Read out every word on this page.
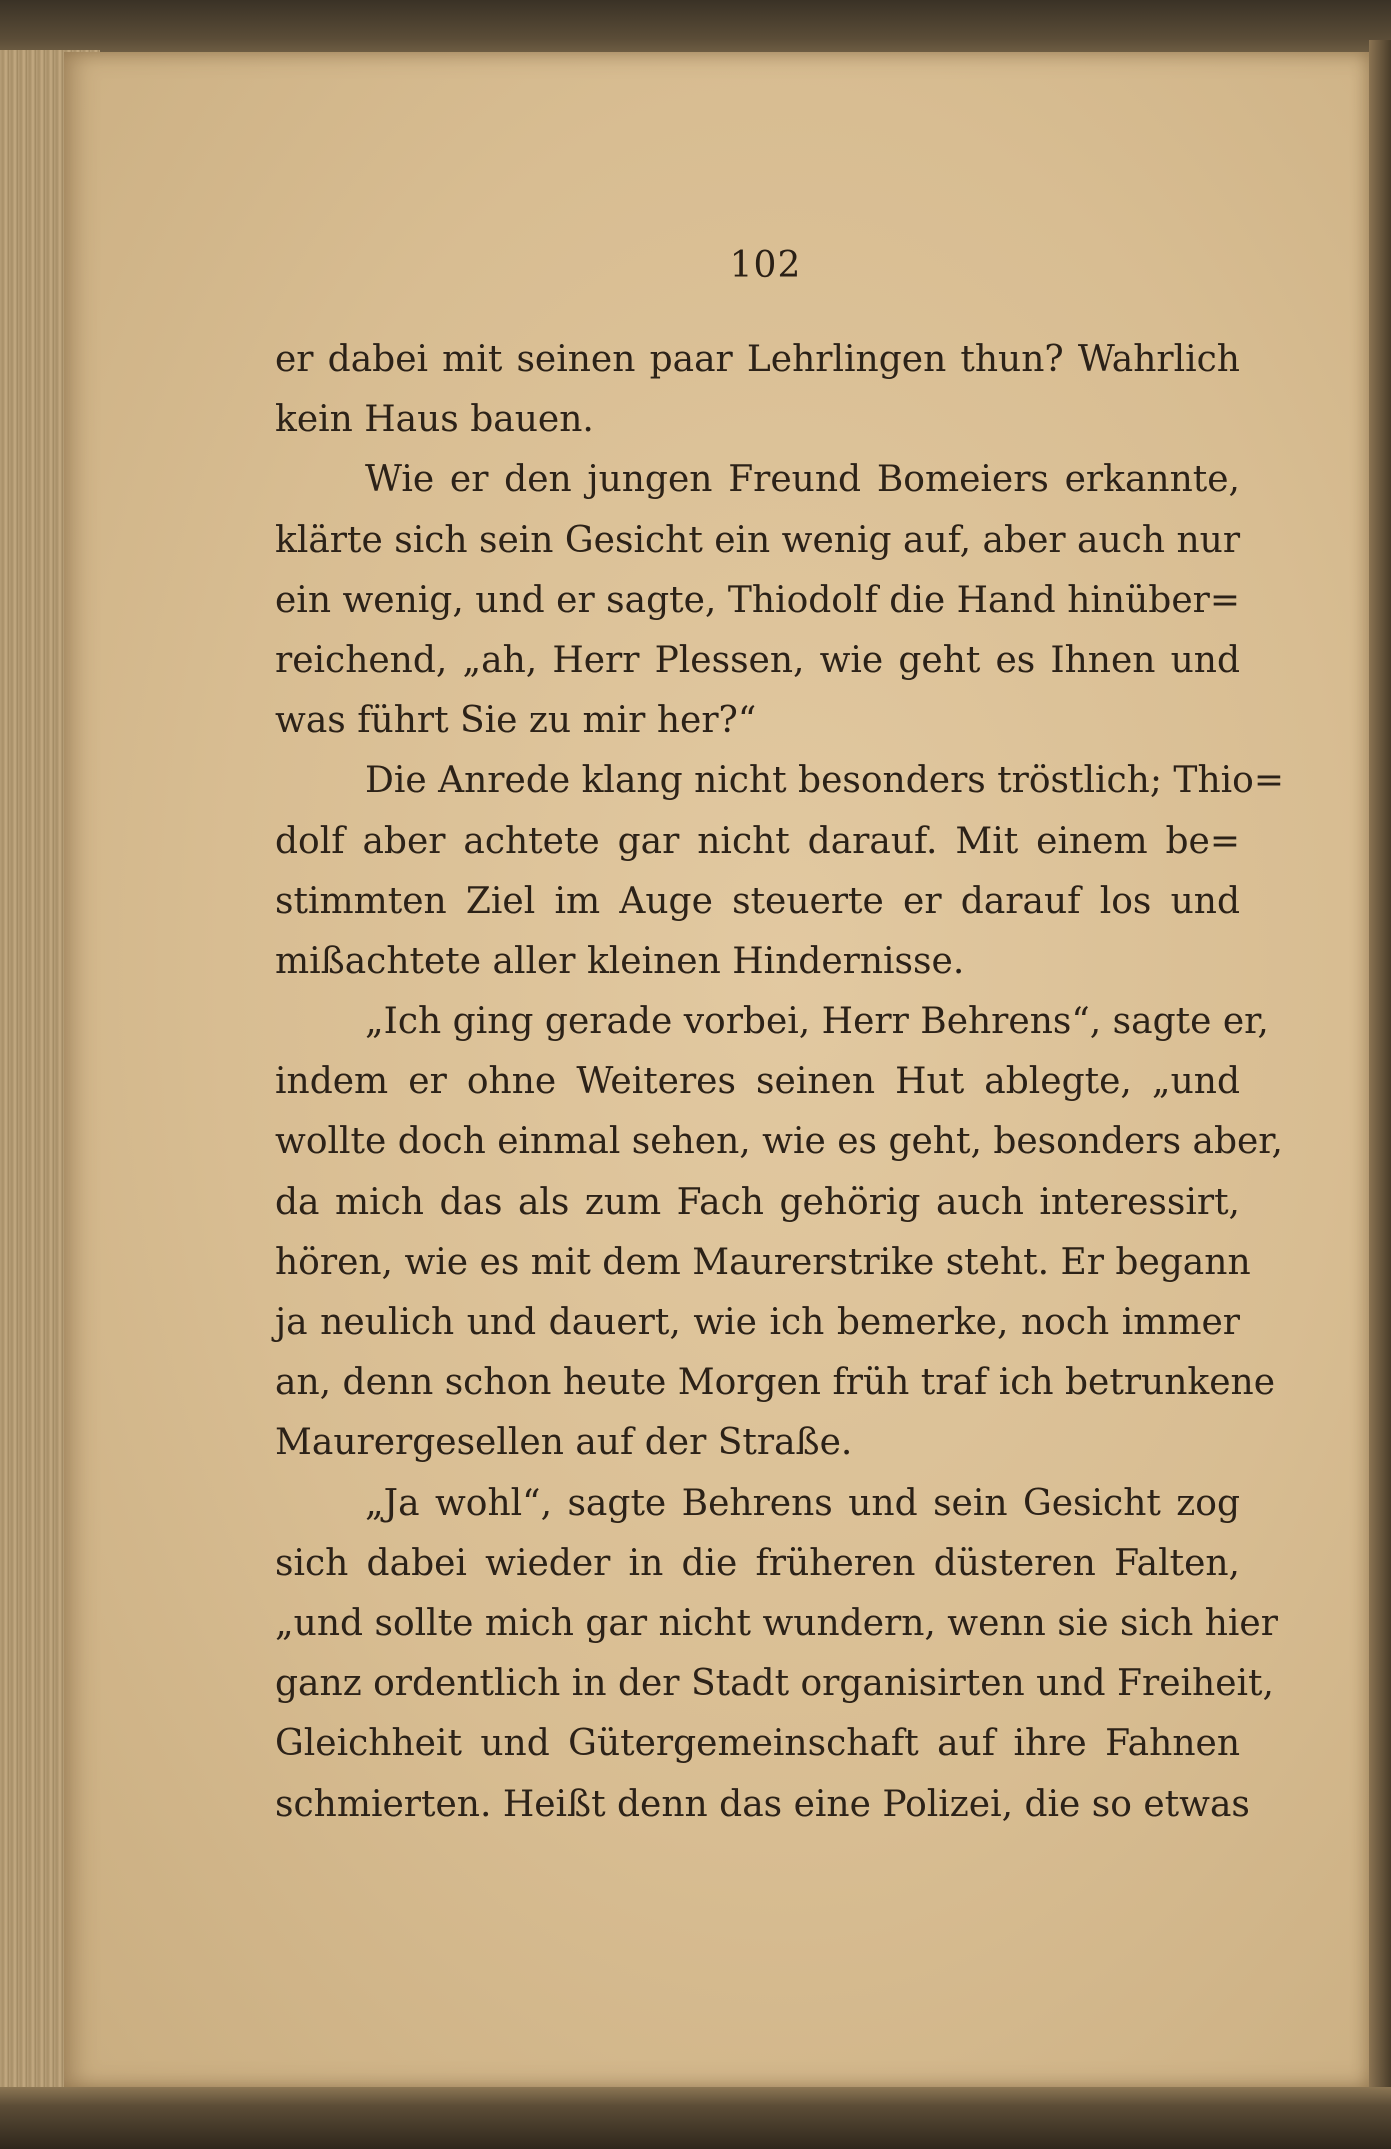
102
er dabei mit seinen paar Lehrlingen thun? Wahrlich
kein Haus bauen.
Wie er den jungen Freund Bomeiers erkannte,
klärte sich sein Gesicht ein wenig auf, aber auch nur
ein wenig, und er sagte, Thiodolf die Hand hinüber=
reichend, „ah, Herr Plessen, wie geht es Ihnen und
was führt Sie zu mir her?“
Die Anrede klang nicht besonders tröstlich; Thio=
dolf aber achtete gar nicht darauf. Mit einem be=
stimmten Ziel im Auge steuerte er darauf los und
mißachtete aller kleinen Hindernisse.
„Ich ging gerade vorbei, Herr Behrens“, sagte er,
indem er ohne Weiteres seinen Hut ablegte, „und
wollte doch einmal sehen, wie es geht, besonders aber,
da mich das als zum Fach gehörig auch interessirt,
hören, wie es mit dem Maurerstrike steht. Er begann
ja neulich und dauert, wie ich bemerke, noch immer
an, denn schon heute Morgen früh traf ich betrunkene
Maurergesellen auf der Straße.
„Ja wohl“, sagte Behrens und sein Gesicht zog
sich dabei wieder in die früheren düsteren Falten,
„und sollte mich gar nicht wundern, wenn sie sich hier
ganz ordentlich in der Stadt organisirten und Freiheit,
Gleichheit und Gütergemeinschaft auf ihre Fahnen
schmierten. Heißt denn das eine Polizei, die so etwas
